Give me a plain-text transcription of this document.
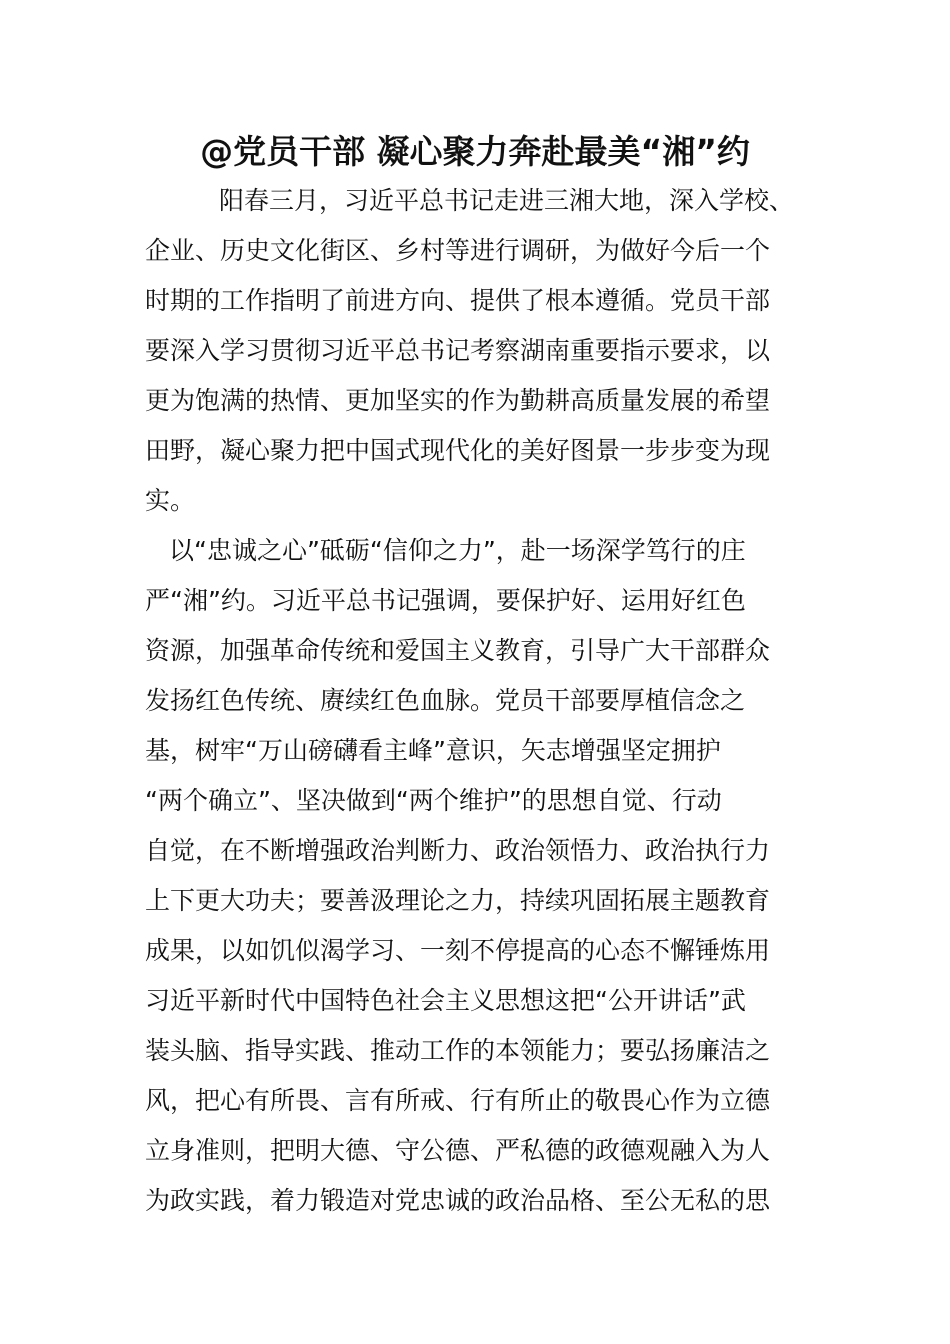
@党员干部 凝心聚力奔赴最美“湘”约
阳春三月，习近平总书记走进三湘大地，深入学校、
企业、历史文化街区、乡村等进行调研，为做好今后一个
时期的工作指明了前进方向、提供了根本遵循。党员干部
要深入学习贯彻习近平总书记考察湖南重要指示要求，以
更为饱满的热情、更加坚实的作为勤耕高质量发展的希望
田野，凝心聚力把中国式现代化的美好图景一步步变为现
实。
以“忠诚之心”砥砺“信仰之力”，赴一场深学笃行的庄
严“湘”约。习近平总书记强调，要保护好、运用好红色
资源，加强革命传统和爱国主义教育，引导广大干部群众
发扬红色传统、赓续红色血脉。党员干部要厚植信念之
基，树牢“万山磅礴看主峰”意识，矢志增强坚定拥护
“两个确立”、坚决做到“两个维护”的思想自觉、行动
自觉，在不断增强政治判断力、政治领悟力、政治执行力
上下更大功夫；要善汲理论之力，持续巩固拓展主题教育
成果，以如饥似渴学习、一刻不停提高的心态不懈锤炼用
习近平新时代中国特色社会主义思想这把“公开讲话”武
装头脑、指导实践、推动工作的本领能力；要弘扬廉洁之
风，把心有所畏、言有所戒、行有所止的敬畏心作为立德
立身准则，把明大德、守公德、严私德的政德观融入为人
为政实践，着力锻造对党忠诚的政治品格、至公无私的思
